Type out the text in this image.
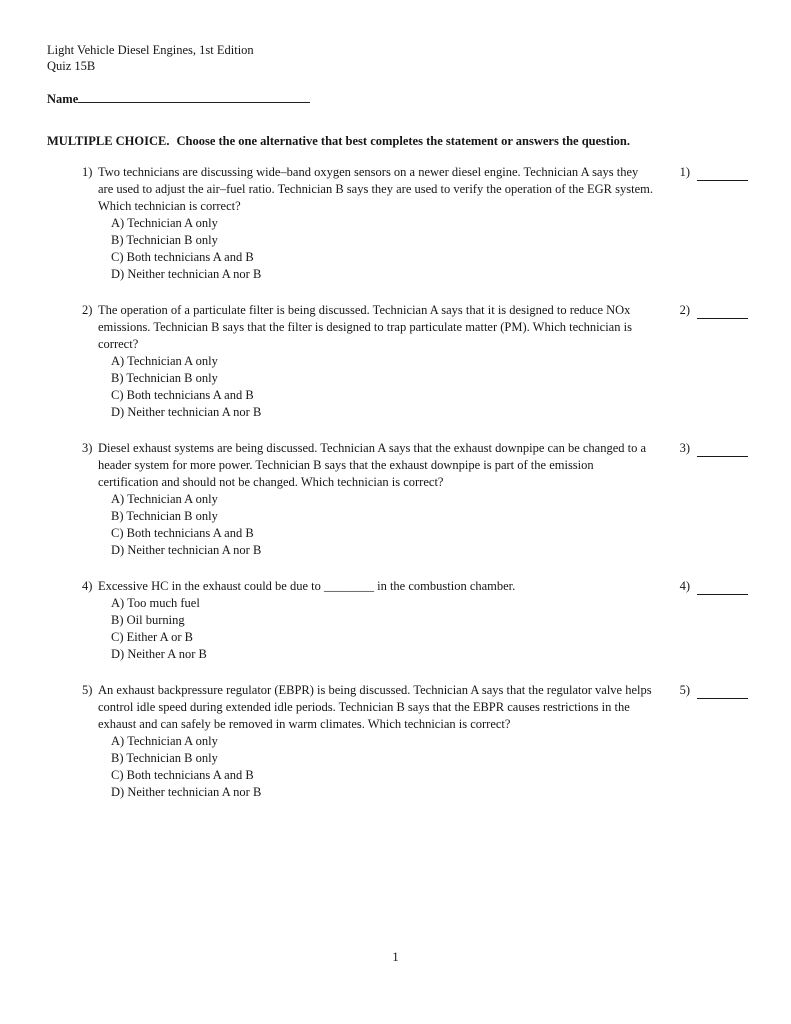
Light Vehicle Diesel Engines, 1st Edition
Quiz 15B
Name
MULTIPLE CHOICE. Choose the one alternative that best completes the statement or answers the question.
1) Two technicians are discussing wide–band oxygen sensors on a newer diesel engine. Technician A says they are used to adjust the air–fuel ratio. Technician B says they are used to verify the operation of the EGR system. Which technician is correct?
A) Technician A only
B) Technician B only
C) Both technicians A and B
D) Neither technician A nor B
1)
2) The operation of a particulate filter is being discussed. Technician A says that it is designed to reduce NOx emissions. Technician B says that the filter is designed to trap particulate matter (PM). Which technician is correct?
A) Technician A only
B) Technician B only
C) Both technicians A and B
D) Neither technician A nor B
2)
3) Diesel exhaust systems are being discussed. Technician A says that the exhaust downpipe can be changed to a header system for more power. Technician B says that the exhaust downpipe is part of the emission certification and should not be changed. Which technician is correct?
A) Technician A only
B) Technician B only
C) Both technicians A and B
D) Neither technician A nor B
3)
4) Excessive HC in the exhaust could be due to ________ in the combustion chamber.
A) Too much fuel
B) Oil burning
C) Either A or B
D) Neither A nor B
4)
5) An exhaust backpressure regulator (EBPR) is being discussed. Technician A says that the regulator valve helps control idle speed during extended idle periods. Technician B says that the EBPR causes restrictions in the exhaust and can safely be removed in warm climates. Which technician is correct?
A) Technician A only
B) Technician B only
C) Both technicians A and B
D) Neither technician A nor B
5)
1
